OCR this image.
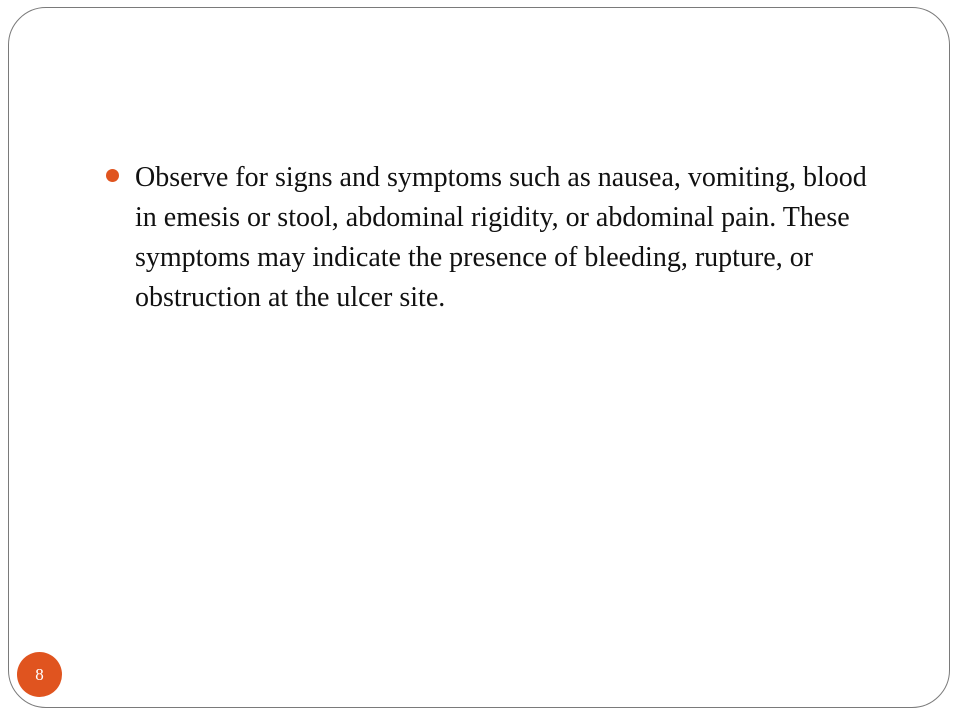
Observe for signs and symptoms such as nausea, vomiting, blood in emesis or stool, abdominal rigidity, or abdominal pain. These symptoms may indicate the presence of bleeding, rupture, or obstruction at the ulcer site.

8
